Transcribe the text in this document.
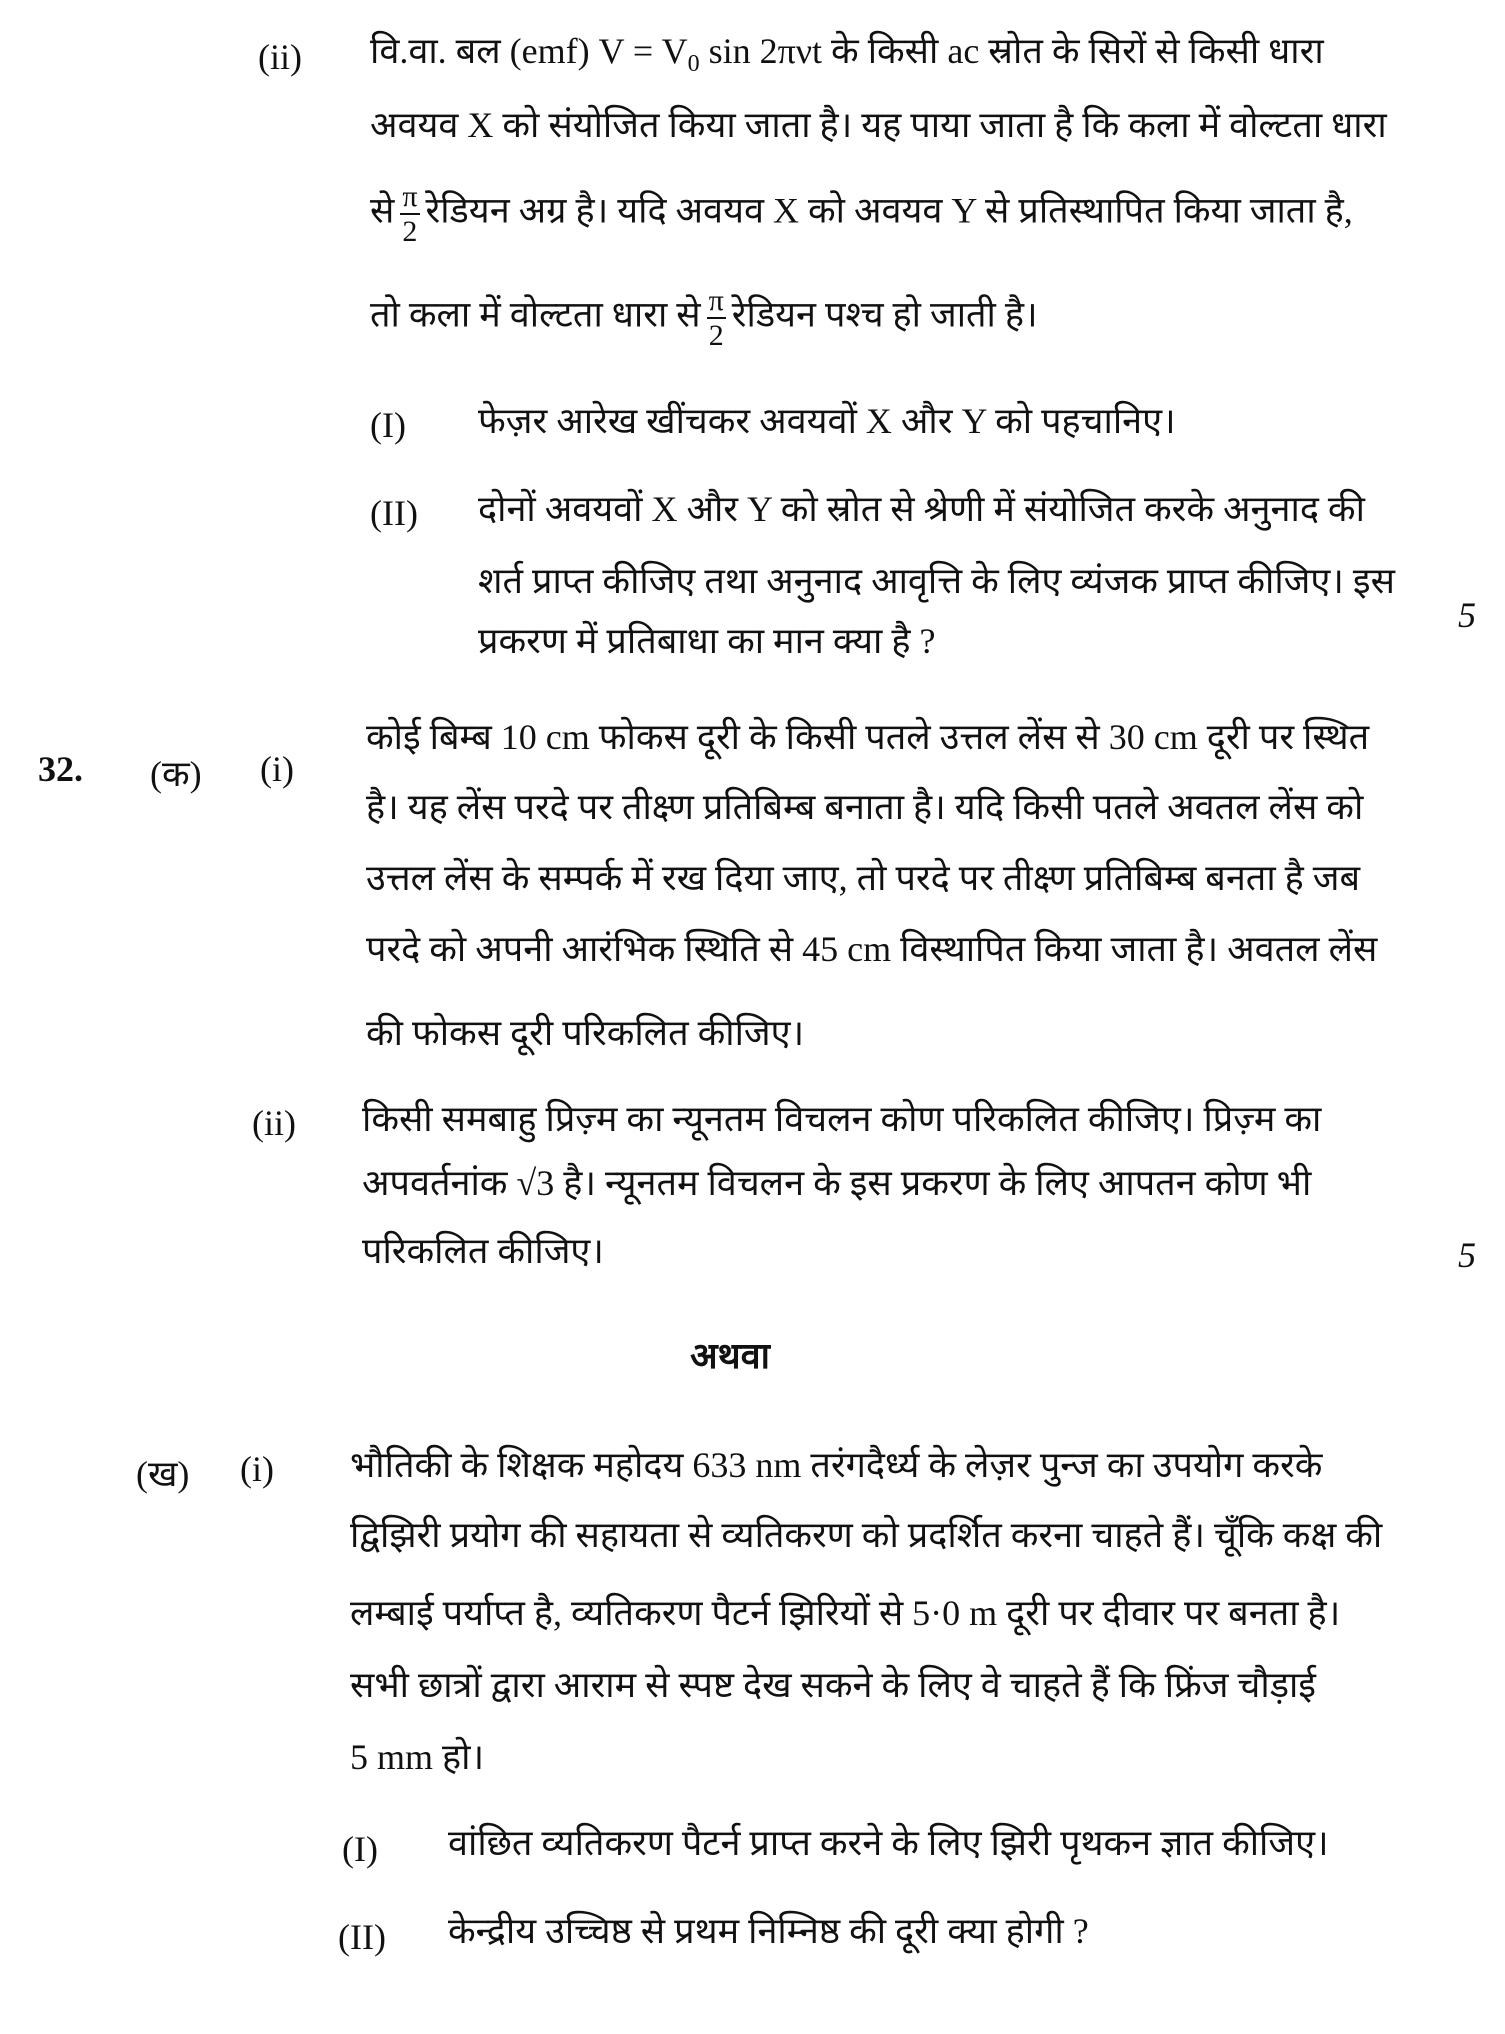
(ii) वि.वा. बल (emf) $V = V_0$ sin 2πνt के किसी ac स्रोत के सिरों से किसी धारा
अवयव X को संयोजित किया जाता है। यह पाया जाता है कि कला में वोल्टता धारा
से $\frac{\pi}{2}$ रेडियन अग्र है। यदि अवयव X को अवयव Y से प्रतिस्थापित किया जाता है,
तो कला में वोल्टता धारा से $\frac{\pi}{2}$ रेडियन पश्च हो जाती है।
(I) फेज़र आरेख खींचकर अवयवों X और Y को पहचानिए।
(II) दोनों अवयवों X और Y को स्रोत से श्रेणी में संयोजित करके अनुनाद की
शर्त प्राप्त कीजिए तथा अनुनाद आवृत्ति के लिए व्यंजक प्राप्त कीजिए। इस
प्रकरण में प्रतिबाधा का मान क्या है ?
5
32. (क) (i)
कोई बिम्ब 10 cm फोकस दूरी के किसी पतले उत्तल लेंस से 30 cm दूरी पर स्थित
है। यह लेंस परदे पर तीक्ष्ण प्रतिबिम्ब बनाता है। यदि किसी पतले अवतल लेंस को
उत्तल लेंस के सम्पर्क में रख दिया जाए, तो परदे पर तीक्ष्ण प्रतिबिम्ब बनता है जब
परदे को अपनी आरंभिक स्थिति से 45 cm विस्थापित किया जाता है। अवतल लेंस
की फोकस दूरी परिकलित कीजिए।
(ii) किसी समबाहु प्रिज़्म का न्यूनतम विचलन कोण परिकलित कीजिए। प्रिज़्म का
अपवर्तनांक √3 है। न्यूनतम विचलन के इस प्रकरण के लिए आपतन कोण भी
परिकलित कीजिए।	5
अथवा
(ख) (i) भौतिकी के शिक्षक महोदय 633 nm तरंगदैर्ध्य के लेज़र पुन्ज का उपयोग करके
द्विझिरी प्रयोग की सहायता से व्यतिकरण को प्रदर्शित करना चाहते हैं। चूँकि कक्ष की
लम्बाई पर्याप्त है, व्यतिकरण पैटर्न झिरियों से 5·0 m दूरी पर दीवार पर बनता है।
सभी छात्रों द्वारा आराम से स्पष्ट देख सकने के लिए वे चाहते हैं कि फ्रिंज चौड़ाई
5 mm हो।
(I) वांछित व्यतिकरण पैटर्न प्राप्त करने के लिए झिरी पृथकन ज्ञात कीजिए।
(II) केन्द्रीय उच्चिष्ठ से प्रथम निम्निष्ठ की दूरी क्या होगी ?
